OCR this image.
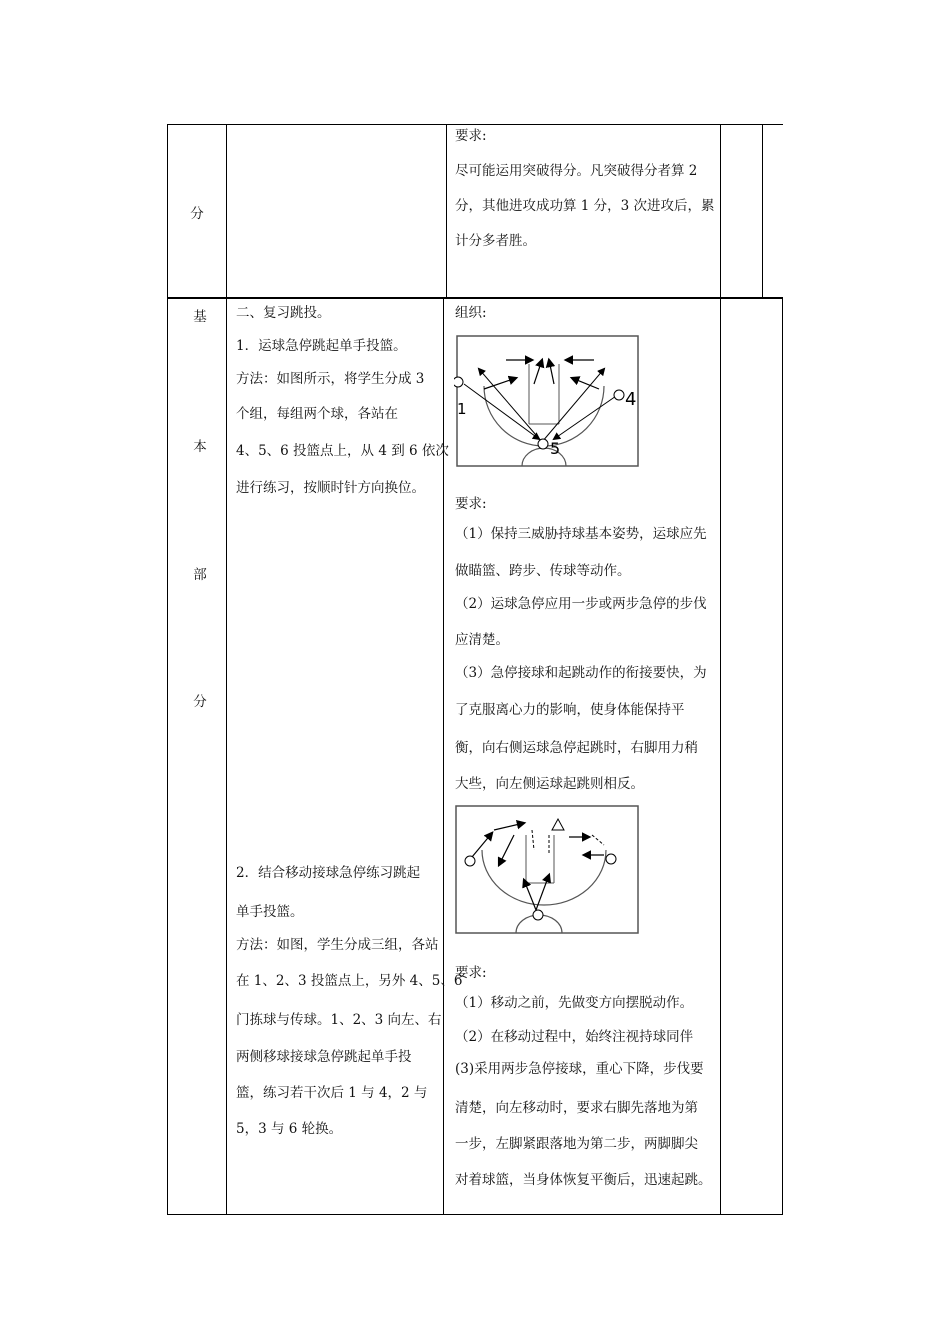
分
要求:
尽可能运用突破得分。凡突破得分者算 2
分，其他进攻成功算 1 分，3 次进攻后，累
计分多者胜。
基
本
部
分
二、复习跳投。
1．运球急停跳起单手投篮。
方法：如图所示，将学生分成 3
个组，每组两个球，各站在
4、5、6 投篮点上，从 4 到 6 依次
进行练习，按顺时针方向换位。
2．结合移动接球急停练习跳起
单手投篮。
方法：如图，学生分成三组，各站
在 1、2、3 投篮点上，另外 4、5、6
门拣球与传球。1、2、3 向左、右
两侧移球接球急停跳起单手投
篮，练习若干次后 1 与 4，2 与
5，3 与 6 轮换。
组织:
1	4
5
要求:
（1）保持三威胁持球基本姿势，运球应先
做瞄篮、跨步、传球等动作。
（2）运球急停应用一步或两步急停的步伐
应清楚。
（3）急停接球和起跳动作的衔接要快，为
了克服离心力的影响，使身体能保持平
衡，向右侧运球急停起跳时，右脚用力稍
大些，向左侧运球起跳则相反。
要求:
（1）移动之前，先做变方向摆脱动作。
（2）在移动过程中，始终注视持球同伴
(3)采用两步急停接球，重心下降，步伐要
清楚，向左移动时，要求右脚先落地为第
一步，左脚紧跟落地为第二步，两脚脚尖
对着球篮，当身体恢复平衡后，迅速起跳。
